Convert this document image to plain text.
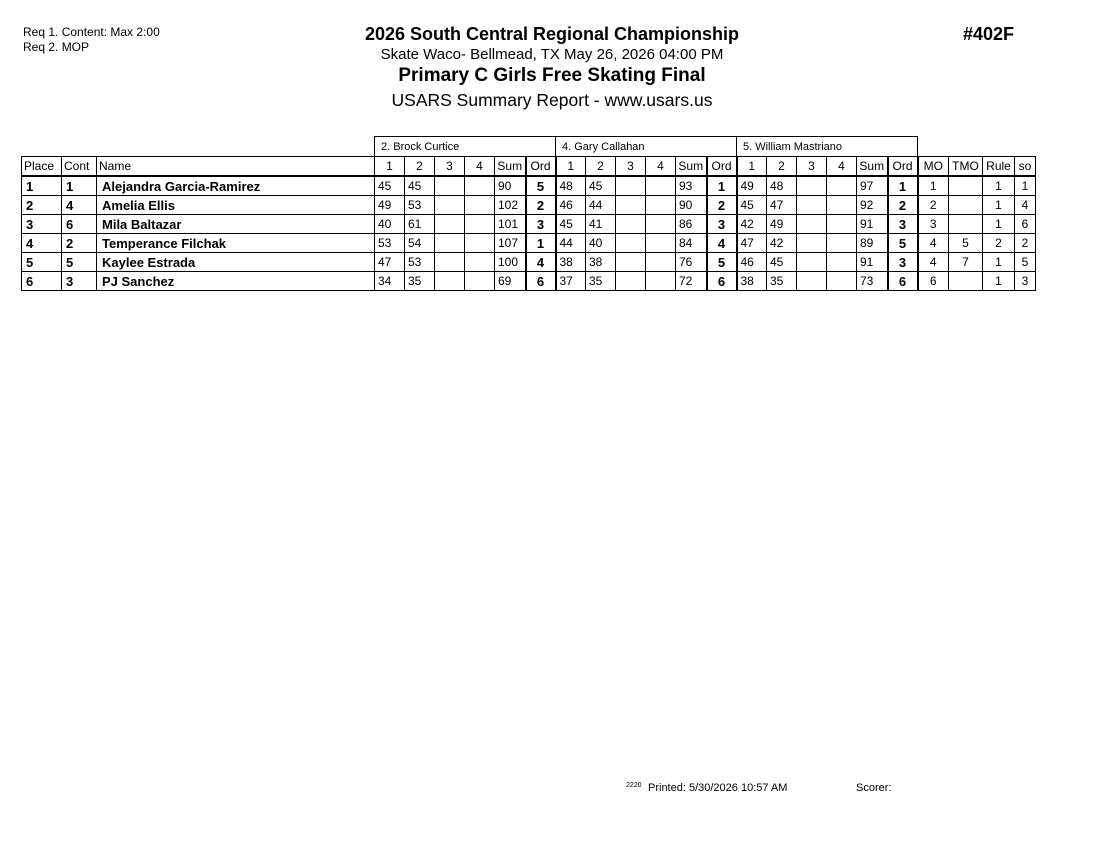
Req 1. Content: Max 2:00
Req 2. MOP
2026 South Central Regional Championship
Skate Waco- Bellmead, TX May 26, 2026 04:00 PM
Primary C Girls Free Skating Final
USARS Summary Report - www.usars.us
#402F
			2. Brock Curtice						4. Gary Callahan						5. William Mastriano									
Place	Cont	Name	1	2	3	4	Sum	Ord	1	2	3	4	Sum	Ord	1	2	3	4	Sum	Ord	MO	TMO	Rule	so
1	1	Alejandra Garcia-Ramirez	45	45			90	5	48	45			93	1	49	48			97	1	1		1	1
2	4	Amelia Ellis	49	53			102	2	46	44			90	2	45	47			92	2	2		1	4
3	6	Mila Baltazar	40	61			101	3	45	41			86	3	42	49			91	3	3		1	6
4	2	Temperance Filchak	53	54			107	1	44	40			84	4	47	42			89	5	4	5	2	2
5	5	Kaylee Estrada	47	53			100	4	38	38			76	5	46	45			91	3	4	7	1	5
6	3	PJ Sanchez	34	35			69	6	37	35			72	6	38	35			73	6	6		1	3
2220 Printed: 5/30/2026 10:57 AM	Scorer:
